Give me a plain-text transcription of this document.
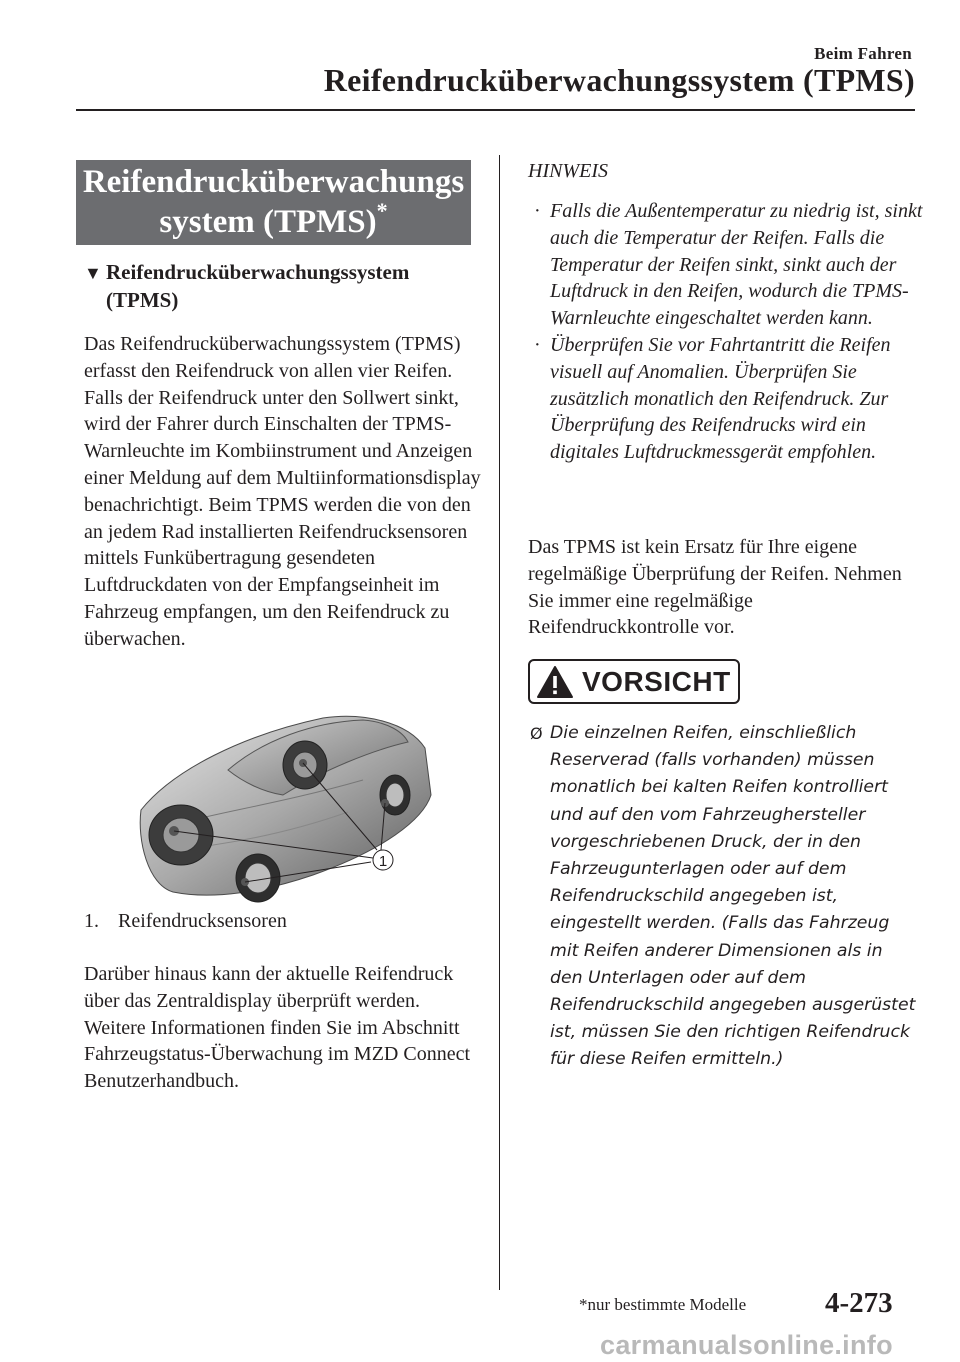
Beim Fahren
Reifendrucküberwachungssystem (TPMS)
Reifendrucküberwachungs
system (TPMS)*
▼ Reifendrucküberwachungssystem
(TPMS)
Das Reifendrucküberwachungssystem (TPMS) erfasst den Reifendruck von allen vier Reifen. Falls der Reifendruck unter den Sollwert sinkt, wird der Fahrer durch Einschalten der TPMS-Warnleuchte im Kombiinstrument und Anzeigen einer Meldung auf dem Multiinformationsdisplay benachrichtigt. Beim TPMS werden die von den an jedem Rad installierten Reifendrucksensoren mittels Funkübertragung gesendeten Luftdruckdaten von der Empfangseinheit im Fahrzeug empfangen, um den Reifendruck zu überwachen.
1
1. Reifendrucksensoren
Darüber hinaus kann der aktuelle Reifendruck über das Zentraldisplay überprüft werden.
Weitere Informationen finden Sie im Abschnitt Fahrzeugstatus-Überwachung im MZD Connect Benutzerhandbuch.
HINWEIS
· Falls die Außentemperatur zu niedrig ist, sinkt auch die Temperatur der Reifen. Falls die Temperatur der Reifen sinkt, sinkt auch der Luftdruck in den Reifen, wodurch die TPMS-Warnleuchte eingeschaltet werden kann.
· Überprüfen Sie vor Fahrtantritt die Reifen visuell auf Anomalien. Überprüfen Sie zusätzlich monatlich den Reifendruck. Zur Überprüfung des Reifendrucks wird ein digitales Luftdruckmessgerät empfohlen.
Das TPMS ist kein Ersatz für Ihre eigene regelmäßige Überprüfung der Reifen. Nehmen Sie immer eine regelmäßige Reifendruckkontrolle vor.
VORSICHT
Ø Die einzelnen Reifen, einschließlich Reserverad (falls vorhanden) müssen monatlich bei kalten Reifen kontrolliert und auf den vom Fahrzeughersteller vorgeschriebenen Druck, der in den Fahrzeugunterlagen oder auf dem Reifendruckschild angegeben ist, eingestellt werden. (Falls das Fahrzeug mit Reifen anderer Dimensionen als in den Unterlagen oder auf dem Reifendruckschild angegeben ausgerüstet ist, müssen Sie den richtigen Reifendruck für diese Reifen ermitteln.)
*nur bestimmte Modelle	4-273
carmanualsonline.info
